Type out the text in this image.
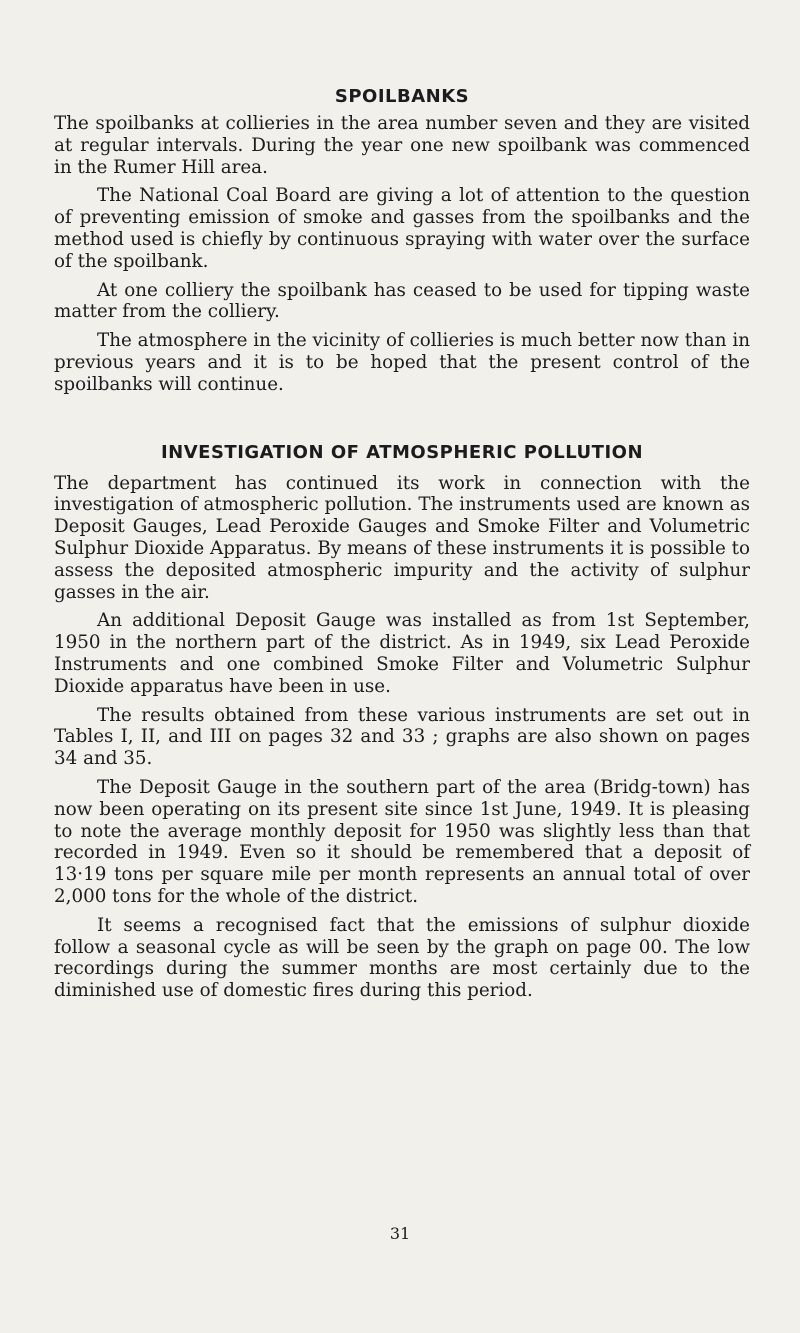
SPOILBANKS

The spoilbanks at collieries in the area number seven and they are visited at regular intervals. During the year one new spoilbank was commenced in the Rumer Hill area.

The National Coal Board are giving a lot of attention to the question of preventing emission of smoke and gasses from the spoilbanks and the method used is chiefly by continuous spraying with water over the surface of the spoilbank.

At one colliery the spoilbank has ceased to be used for tipping waste matter from the colliery.

The atmosphere in the vicinity of collieries is much better now than in previous years and it is to be hoped that the present control of the spoilbanks will continue.

INVESTIGATION OF ATMOSPHERIC POLLUTION

The department has continued its work in connection with the investigation of atmospheric pollution. The instruments used are known as Deposit Gauges, Lead Peroxide Gauges and Smoke Filter and Volumetric Sulphur Dioxide Apparatus. By means of these instruments it is possible to assess the deposited atmospheric impurity and the activity of sulphur gasses in the air.

An additional Deposit Gauge was installed as from 1st September, 1950 in the northern part of the district. As in 1949, six Lead Peroxide Instruments and one combined Smoke Filter and Volumetric Sulphur Dioxide apparatus have been in use.

The results obtained from these various instruments are set out in Tables I, II, and III on pages 32 and 33 ; graphs are also shown on pages 34 and 35.

The Deposit Gauge in the southern part of the area (Bridg-town) has now been operating on its present site since 1st June, 1949. It is pleasing to note the average monthly deposit for 1950 was slightly less than that recorded in 1949. Even so it should be remembered that a deposit of 13·19 tons per square mile per month represents an annual total of over 2,000 tons for the whole of the district.

It seems a recognised fact that the emissions of sulphur dioxide follow a seasonal cycle as will be seen by the graph on page 00. The low recordings during the summer months are most certainly due to the diminished use of domestic fires during this period.

31
